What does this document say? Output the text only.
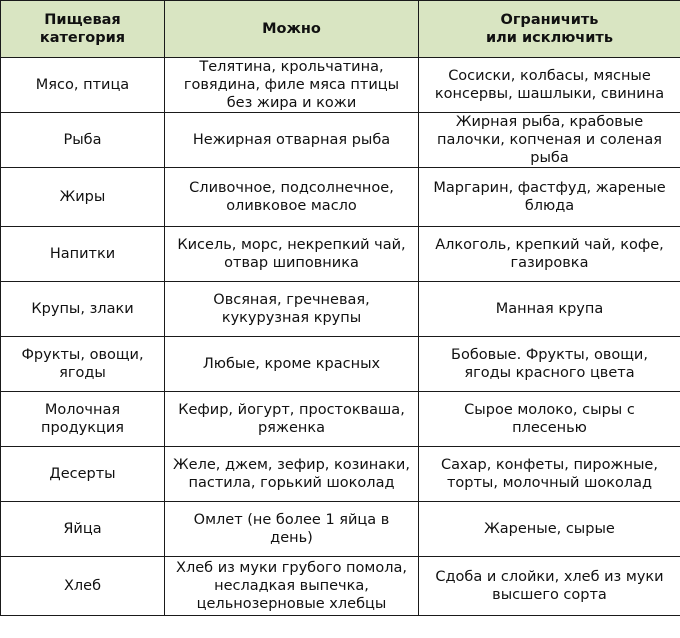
Пищевая
категория	Можно	Ограничить
или исключить

Мясо, птица	Телятина, крольчатина,
говядина, филе мяса птицы
без жира и кожи	Сосиски, колбасы, мясные
консервы, шашлыки, свинина

Рыба	Нежирная отварная рыба	Жирная рыба, крабовые
палочки, копченая и соленая
рыба

Жиры	Сливочное, подсолнечное,
оливковое масло	Маргарин, фастфуд, жареные
блюда

Напитки	Кисель, морс, некрепкий чай,
отвар шиповника	Алкоголь, крепкий чай, кофе,
газировка

Крупы, злаки	Овсяная, гречневая,
кукурузная крупы	Манная крупа

Фрукты, овощи,
ягоды	Любые, кроме красных	Бобовые. Фрукты, овощи,
ягоды красного цвета

Молочная
продукция	Кефир, йогурт, простокваша,
ряженка	Сырое молоко, сыры с
плесенью

Десерты	Желе, джем, зефир, козинаки,
пастила, горький шоколад	Сахар, конфеты, пирожные,
торты, молочный шоколад

Яйца	Омлет (не более 1 яйца в
день)	Жареные, сырые

Хлеб	Хлеб из муки грубого помола,
несладкая выпечка,
цельнозерновые хлебцы	Сдоба и слойки, хлеб из муки
высшего сорта
